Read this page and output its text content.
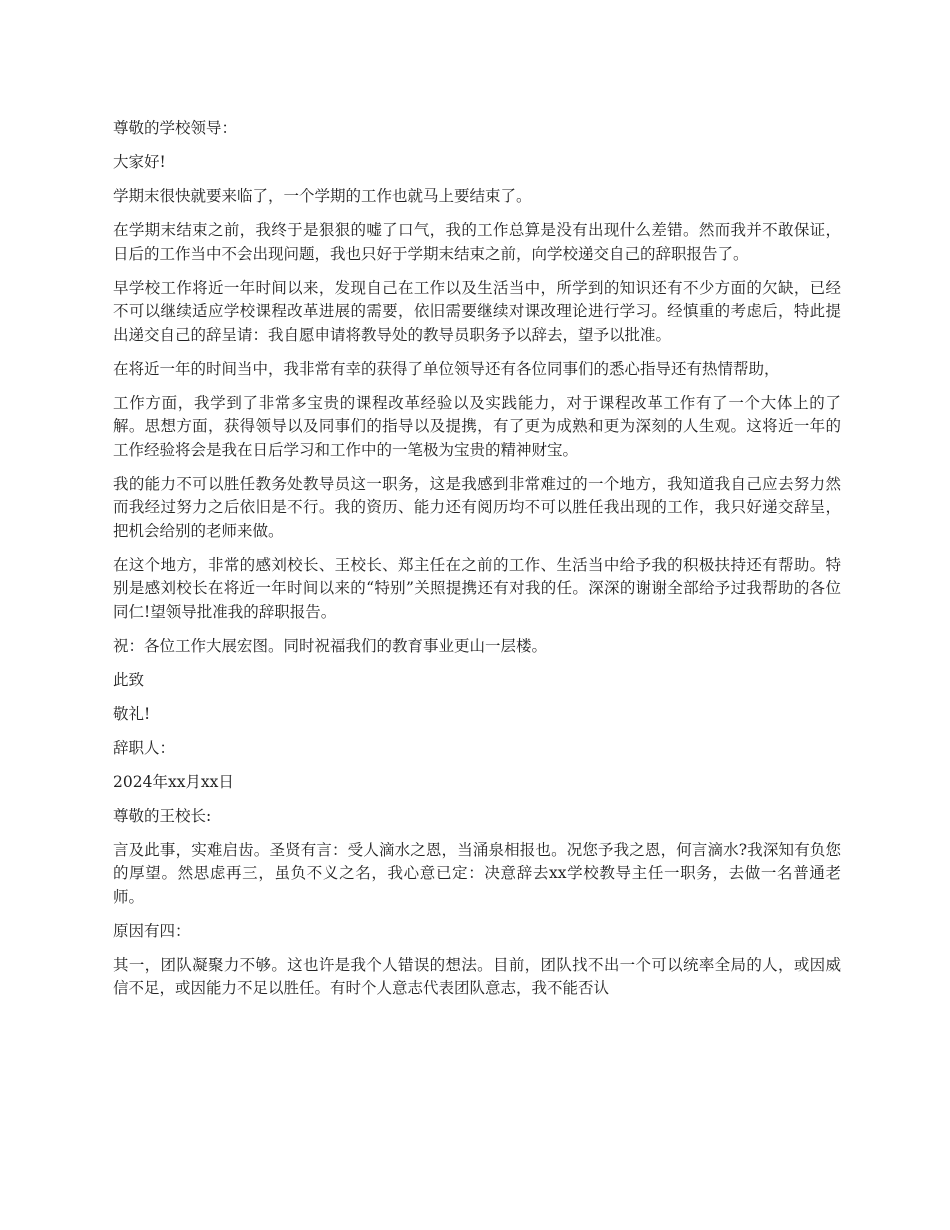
尊敬的学校领导：

大家好!

学期末很快就要来临了，一个学期的工作也就马上要结束了。

在学期末结束之前，我终于是狠狠的嘘了口气，我的工作总算是没有出现什么差错。然而我并不敢保证，日后的工作当中不会出现问题，我也只好于学期末结束之前，向学校递交自己的辞职报告了。

早学校工作将近一年时间以来，发现自己在工作以及生活当中，所学到的知识还有不少方面的欠缺，已经不可以继续适应学校课程改革进展的需要，依旧需要继续对课改理论进行学习。经慎重的考虑后，特此提出递交自己的辞呈请：我自愿申请将教导处的教导员职务予以辞去，望予以批准。

在将近一年的时间当中，我非常有幸的获得了单位领导还有各位同事们的悉心指导还有热情帮助，

工作方面，我学到了非常多宝贵的课程改革经验以及实践能力，对于课程改革工作有了一个大体上的了解。思想方面，获得领导以及同事们的指导以及提携，有了更为成熟和更为深刻的人生观。这将近一年的工作经验将会是我在日后学习和工作中的一笔极为宝贵的精神财宝。

我的能力不可以胜任教务处教导员这一职务，这是我感到非常难过的一个地方，我知道我自己应去努力然而我经过努力之后依旧是不行。我的资历、能力还有阅历均不可以胜任我出现的工作，我只好递交辞呈，把机会给别的老师来做。

在这个地方，非常的感刘校长、王校长、郑主任在之前的工作、生活当中给予我的积极扶持还有帮助。特别是感刘校长在将近一年时间以来的“特别”关照提携还有对我的任。深深的谢谢全部给予过我帮助的各位同仁!望领导批准我的辞职报告。

祝：各位工作大展宏图。同时祝福我们的教育事业更山一层楼。

此致

敬礼!

辞职人：

2024年xx月xx日

尊敬的王校长:

言及此事，实难启齿。圣贤有言：受人滴水之恩，当涌泉相报也。况您予我之恩，何言滴水?我深知有负您的厚望。然思虑再三，虽负不义之名，我心意已定：决意辞去xx学校教导主任一职务，去做一名普通老师。

原因有四：

其一，团队凝聚力不够。这也许是我个人错误的想法。目前，团队找不出一个可以统率全局的人，或因威信不足，或因能力不足以胜任。有时个人意志代表团队意志，我不能否认
